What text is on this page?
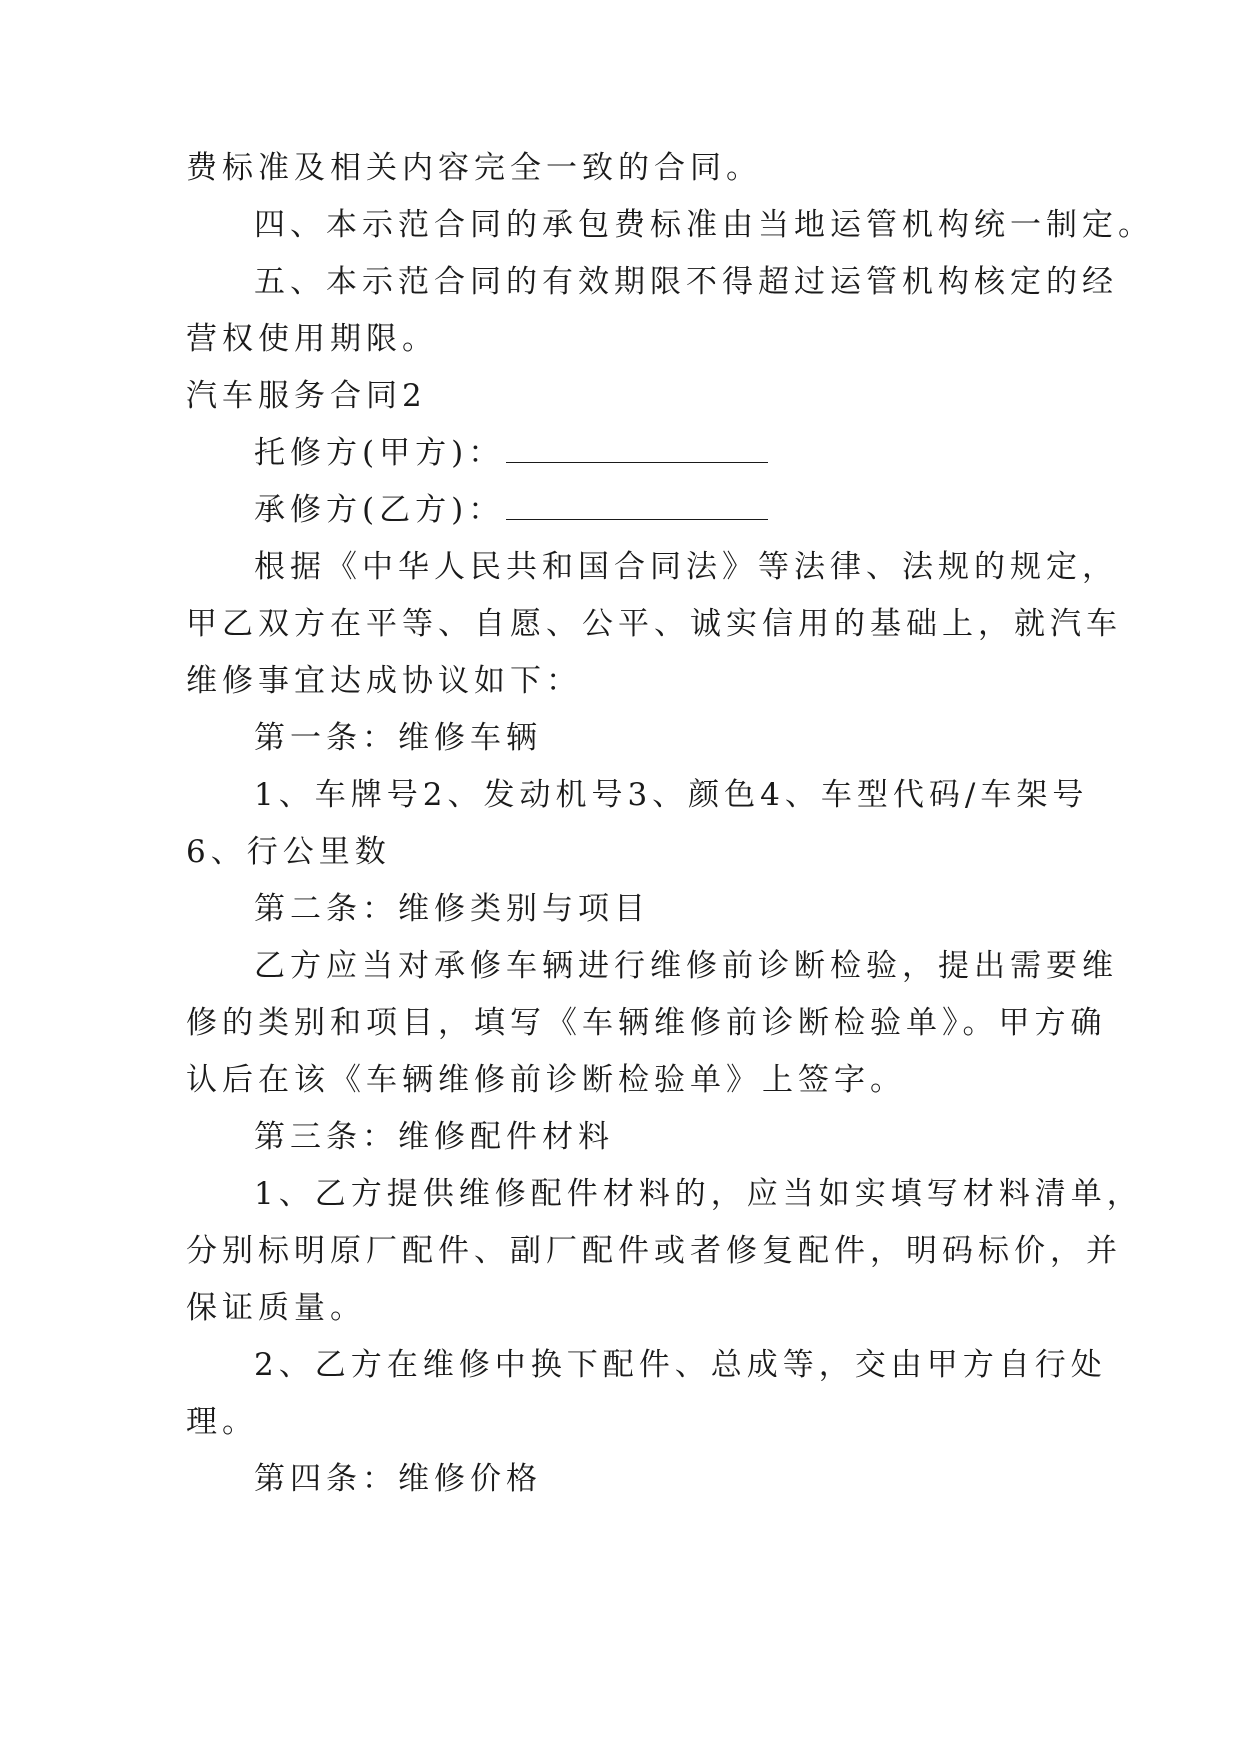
费标准及相关内容完全一致的合同。
四、本示范合同的承包费标准由当地运管机构统一制定。
五、本示范合同的有效期限不得超过运管机构核定的经
营权使用期限。
汽车服务合同2
托修方(甲方)：
承修方(乙方)：
根据《中华人民共和国合同法》等法律、法规的规定，
甲乙双方在平等、自愿、公平、诚实信用的基础上，就汽车
维修事宜达成协议如下：
第一条：维修车辆
1、车牌号2、发动机号3、颜色4、车型代码/车架号
6、行公里数
第二条：维修类别与项目
乙方应当对承修车辆进行维修前诊断检验，提出需要维
修的类别和项目，填写《车辆维修前诊断检验单》。甲方确
认后在该《车辆维修前诊断检验单》上签字。
第三条：维修配件材料
1、乙方提供维修配件材料的，应当如实填写材料清单，
分别标明原厂配件、副厂配件或者修复配件，明码标价，并
保证质量。
2、乙方在维修中换下配件、总成等，交由甲方自行处
理。
第四条：维修价格
